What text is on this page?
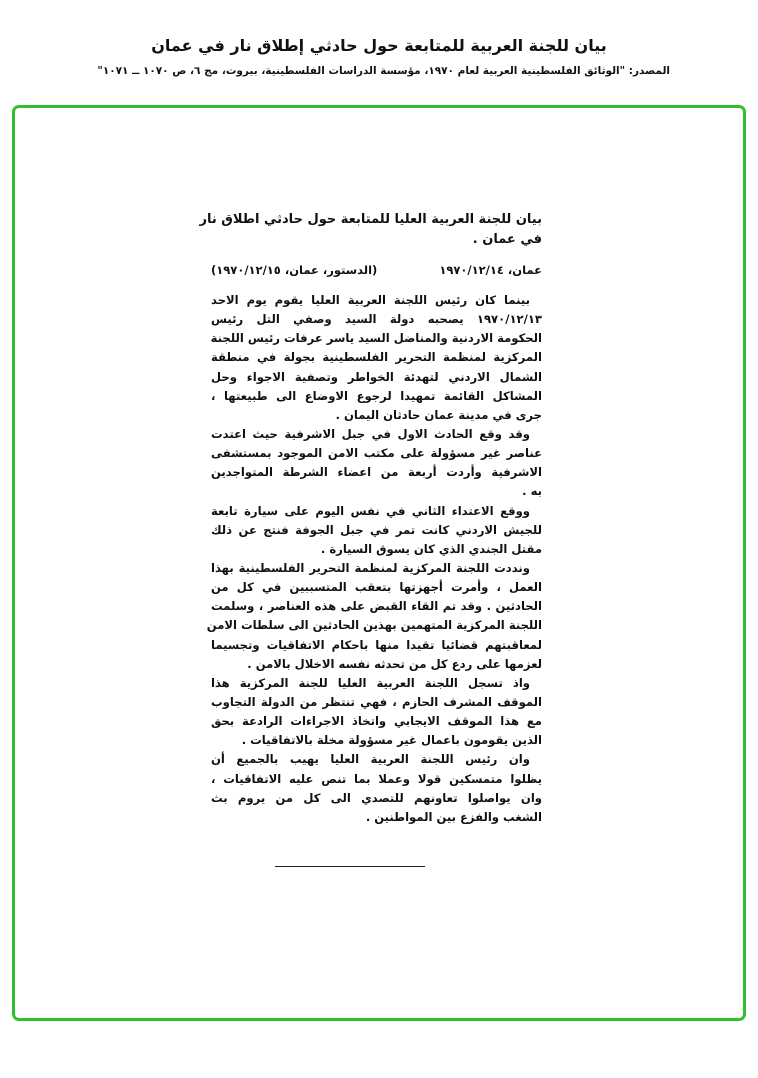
بيان للجنة العربية للمتابعة حول حادثي إطلاق نار في عمان
المصدر: "الوثائق الفلسطينية العربية لعام ١٩٧٠، مؤسسة الدراسات الفلسطينية، بيروت، مج ٦، ص ١٠٧٠ ــ ١٠٧١"
بيان للجنة العربية العليا للمتابعة حول حادثي اطلاق نار
في عمان .
عمان، ١٩٧٠/١٢/١٤
(الدستور، عمان، ١٩٧٠/١٢/١٥)
بينما كان رئيس اللجنة العربية العليا يقوم يوم الاحد
١٩٧٠/١٢/١٣ يصحبه دولة السيد وصفي التل رئيس
الحكومة الاردنية والمناضل السيد ياسر عرفات رئيس اللجنة
المركزية لمنظمة التحرير الفلسطينية بجولة في منطقة
الشمال الاردني لتهدئة الخواطر وتصفية الاجواء وحل
المشاكل القائمة تمهيدا لرجوع الاوضاع الى طبيعتها ،
جرى في مدينة عمان حادثان اليمان .
وقد وقع الحادث الاول في جبل الاشرفية حيث اعتدت
عناصر غير مسؤولة على مكتب الامن الموجود بمستشفى
الاشرفية وأردت أربعة من اعضاء الشرطة المتواجدين
به .
ووقع الاعتداء الثاني في نفس اليوم على سيارة تابعة
للجيش الاردني كانت تمر في جبل الجوفة فنتج عن ذلك
مقتل الجندي الذي كان يسوق السيارة .
ونددت اللجنة المركزية لمنظمة التحرير الفلسطينية بهذا
العمل ، وأمرت أجهزتها بتعقب المتسببين في كل من
الحادثين . وقد تم القاء القبض على هذه العناصر ، وسلمت
اللجنة المركزية المتهمين بهذين الحادثين الى سلطات الامن
لمعاقبتهم قضائيا تقيدا منها باحكام الاتفاقيات وتجسيما
لعزمها على ردع كل من تحدثه نفسه الاخلال بالامن .
واذ تسجل اللجنة العربية العليا للجنة المركزية هذا
الموقف المشرف الحازم ، فهي تنتظر من الدولة التجاوب
مع هذا الموقف الايجابي واتخاذ الاجراءات الرادعة بحق
الذين يقومون باعمال غير مسؤولة مخلة بالاتفاقيات .
وان رئيس اللجنة العربية العليا يهيب بالجميع أن
يظلوا متمسكين قولا وعملا بما تنص عليه الاتفاقيات ،
وان يواصلوا تعاونهم للتصدي الى كل من يروم بث
الشغب والفزع بين المواطنين .
